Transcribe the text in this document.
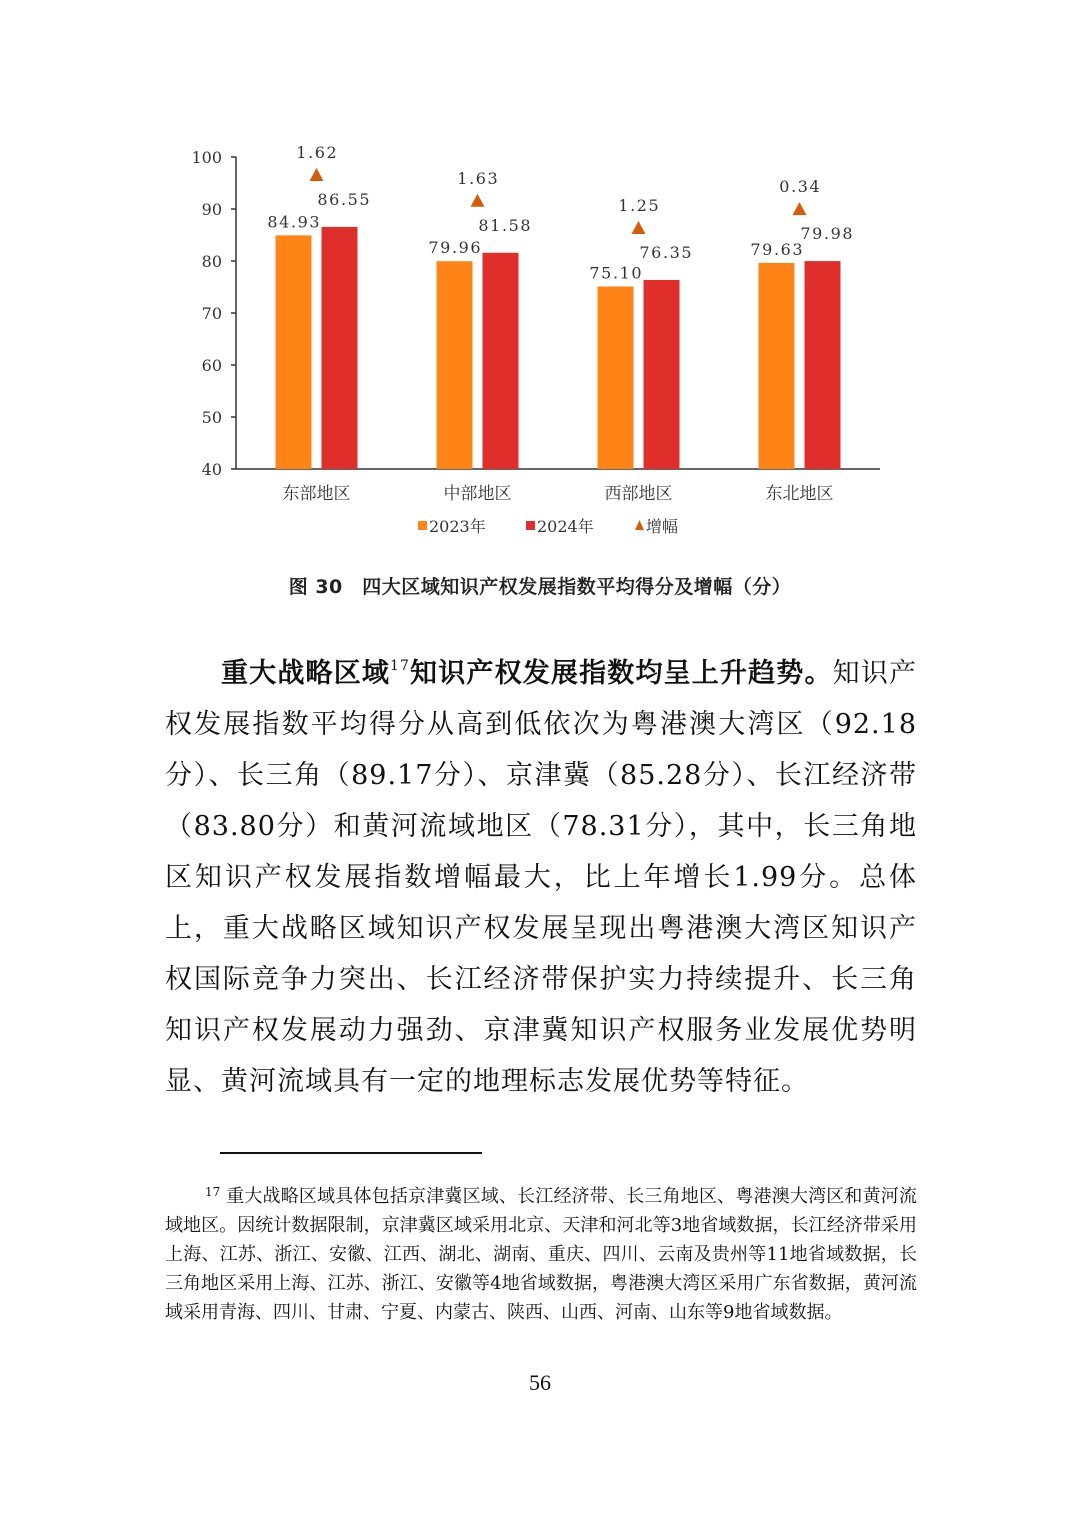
100
90
80
70
60
50
40
8 4 . 9 3
8 6 . 5 5
1 . 6 2
东部地区
7 9 . 9 6
8 1 . 5 8
1 . 6 3
中部地区
7 5 . 1 0
7 6 . 3 5
1 . 2 5
西部地区
7 9 . 6 3
7 9 . 9 8
0 . 3 4
东北地区
2023年	2024年	增幅
图 30　四大区域知识产权发展指数平均得分及增幅（分）
重大战略区域$^{17}$知识产权发展指数均呈上升趋势。知识产权发展指数平均得分从高到低依次为粤港澳大湾区（92.18分）、长三角（89.17分）、京津冀（85.28分）、长江经济带（83.80分）和黄河流域地区（78.31分），其中，长三角地区知识产权发展指数增幅最大，比上年增长1.99分。总体上，重大战略区域知识产权发展呈现出粤港澳大湾区知识产权国际竞争力突出、长江经济带保护实力持续提升、长三角知识产权发展动力强劲、京津冀知识产权服务业发展优势明显、黄河流域具有一定的地理标志发展优势等特征。
$^{17}$ 重大战略区域具体包括京津冀区域、长江经济带、长三角地区、粤港澳大湾区和黄河流域地区。因统计数据限制，京津冀区域采用北京、天津和河北等3地省域数据，长江经济带采用上海、江苏、浙江、安徽、江西、湖北、湖南、重庆、四川、云南及贵州等11地省域数据，长三角地区采用上海、江苏、浙江、安徽等4地省域数据，粤港澳大湾区采用广东省数据，黄河流域采用青海、四川、甘肃、宁夏、内蒙古、陕西、山西、河南、山东等9地省域数据。
56
